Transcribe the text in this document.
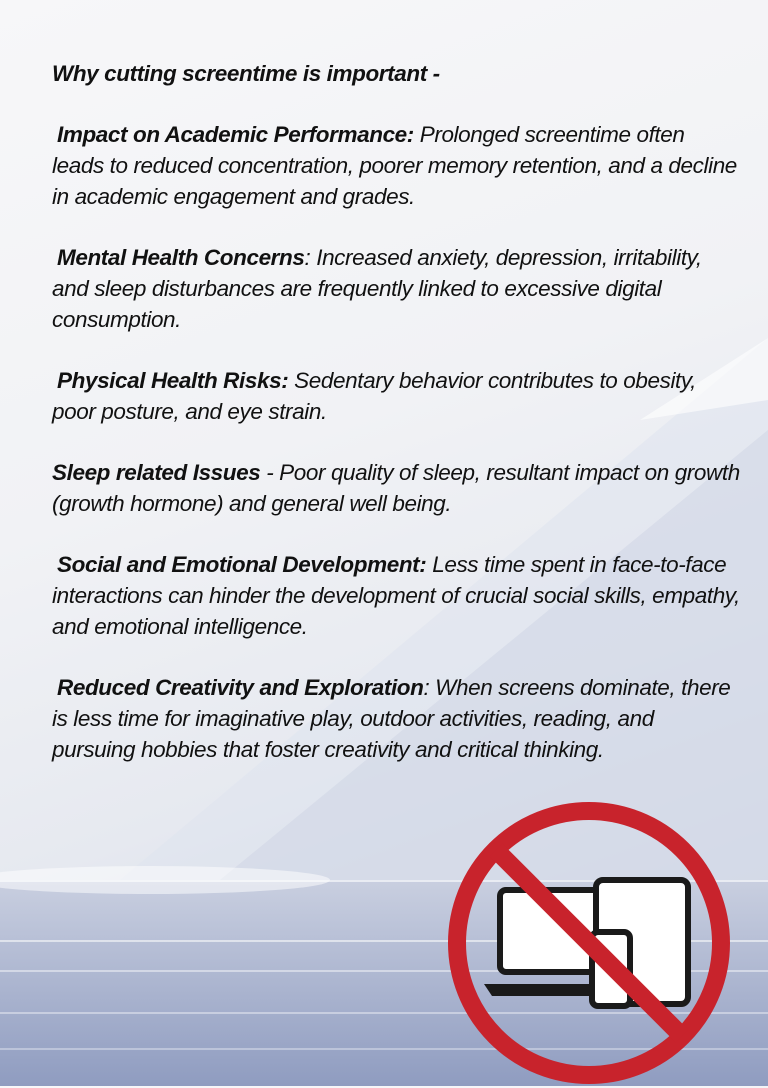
Why cutting screentime is important -

Impact on Academic Performance: Prolonged screentime often leads to reduced concentration, poorer memory retention, and a decline in academic engagement and grades.

Mental Health Concerns: Increased anxiety, depression, irritability, and sleep disturbances are frequently linked to excessive digital consumption.

Physical Health Risks: Sedentary behavior contributes to obesity, poor posture, and eye strain.

Sleep related Issues - Poor quality of sleep, resultant impact on growth (growth hormone) and general well being.

Social and Emotional Development: Less time spent in face-to-face interactions can hinder the development of crucial social skills, empathy, and emotional intelligence.

Reduced Creativity and Exploration: When screens dominate, there is less time for imaginative play, outdoor activities, reading, and pursuing hobbies that foster creativity and critical thinking.
